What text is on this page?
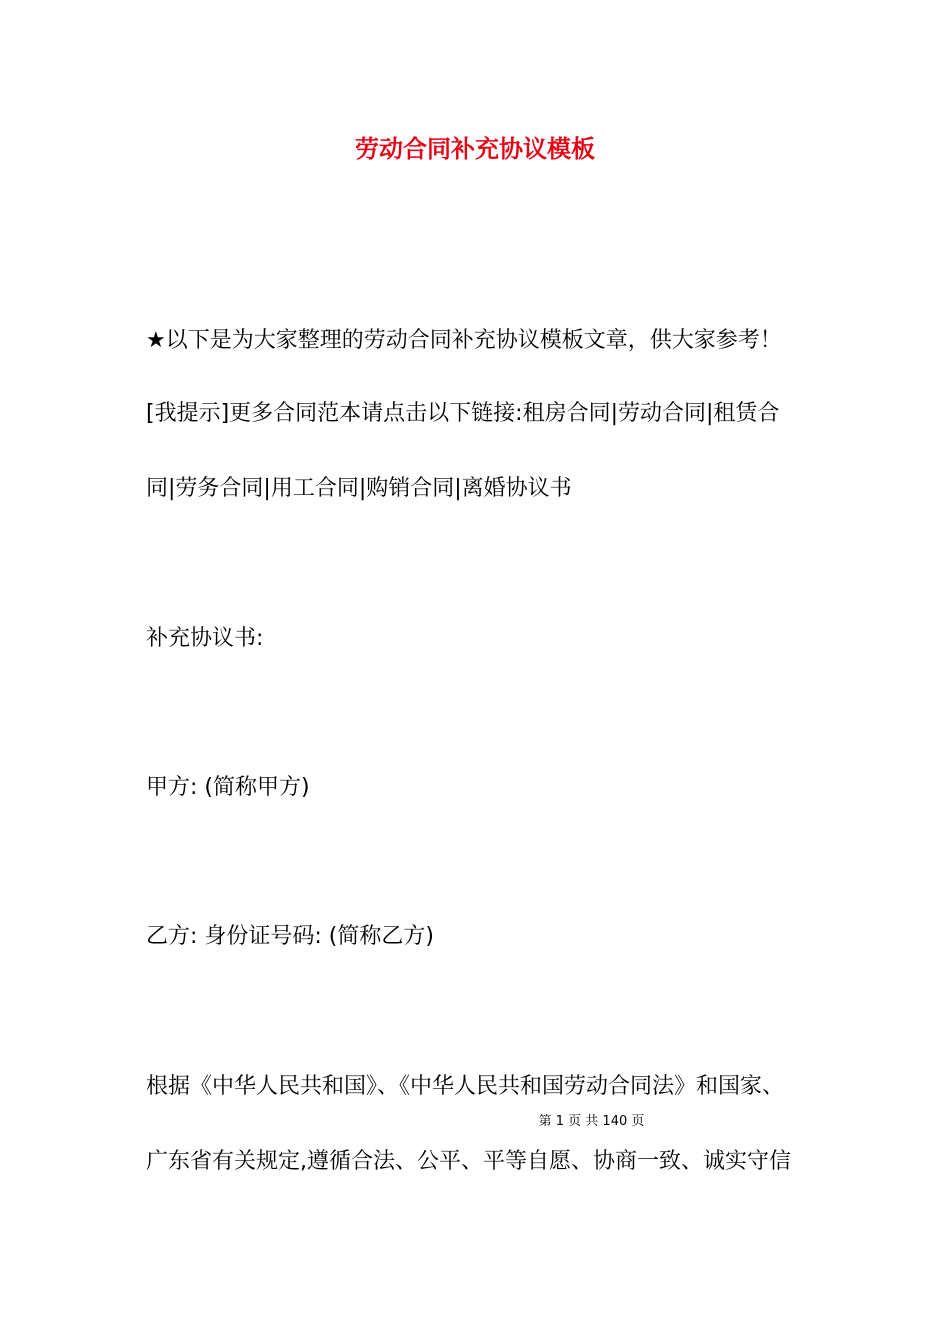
劳动合同补充协议模板
★以下是为大家整理的劳动合同补充协议模板文章，供大家参考！
[我提示]更多合同范本请点击以下链接:租房合同|劳动合同|租赁合
同|劳务合同|用工合同|购销合同|离婚协议书
补充协议书:
甲方: (简称甲方)
乙方: 身份证号码: (简称乙方)
根据《中华人民共和国》、《中华人民共和国劳动合同法》和国家、
第 1 页 共 140 页
广东省有关规定,遵循合法、公平、平等自愿、协商一致、诚实守信
